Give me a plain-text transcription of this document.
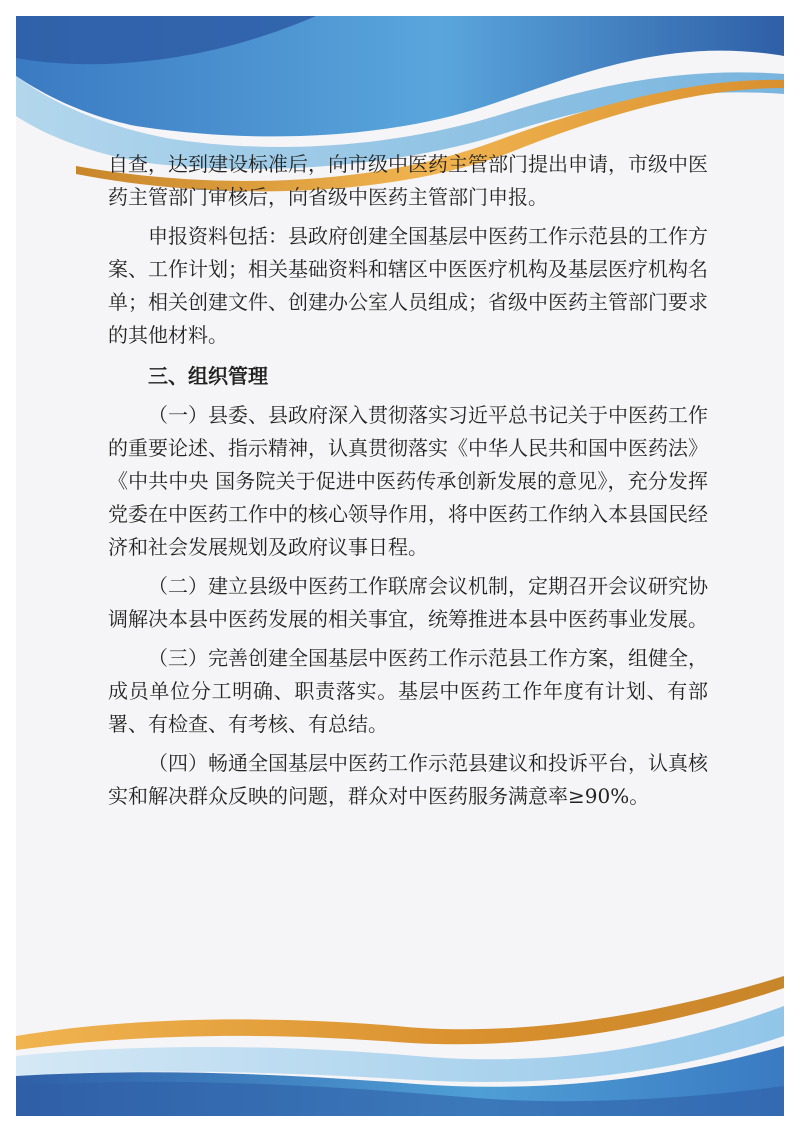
自查，达到建设标准后，向市级中医药主管部门提出申请，市级中医药主管部门审核后，向省级中医药主管部门申报。

申报资料包括：县政府创建全国基层中医药工作示范县的工作方案、工作计划；相关基础资料和辖区中医医疗机构及基层医疗机构名单；相关创建文件、创建办公室人员组成；省级中医药主管部门要求的其他材料。

三、组织管理

（一）县委、县政府深入贯彻落实习近平总书记关于中医药工作的重要论述、指示精神，认真贯彻落实《中华人民共和国中医药法》《中共中央 国务院关于促进中医药传承创新发展的意见》，充分发挥党委在中医药工作中的核心领导作用，将中医药工作纳入本县国民经济和社会发展规划及政府议事日程。

（二）建立县级中医药工作联席会议机制，定期召开会议研究协调解决本县中医药发展的相关事宜，统筹推进本县中医药事业发展。

（三）完善创建全国基层中医药工作示范县工作方案，组健全，成员单位分工明确、职责落实。基层中医药工作年度有计划、有部署、有检查、有考核、有总结。

（四）畅通全国基层中医药工作示范县建议和投诉平台，认真核实和解决群众反映的问题，群众对中医药服务满意率≥90%。
